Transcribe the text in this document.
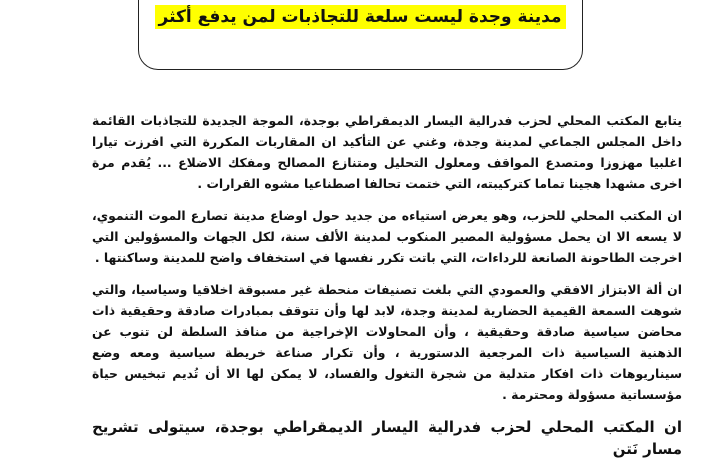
مدينة وجدة ليست سلعة للتجاذبات لمن يدفع أكثر

يتابع المكتب المحلي لحزب فدرالية اليسار الديمقراطي بوجدة، الموجة الجديدة للتجاذبات القائمة داخل المجلس الجماعي لمدينة وجدة، وغني عن التأكيد ان المقاربات المكررة التي افرزت تيارا اغلبيا مهزوزا ومتصدع المواقف ومعلول التحليل ومتنازع المصالح ومفكك الاضلاع ... يُقدم مرة اخرى مشهدا هجينا تماما كتركيبته، التي ختمت تحالفا اصطناعيا مشوه القرارات .

ان المكتب المحلي للحزب، وهو يعرض استياءه من جديد حول اوضاع مدينة تصارع الموت التنموي، لا يسعه الا ان يحمل مسؤولية المصير المنكوب لمدينة الألف سنة، لكل الجهات والمسؤولين التي اخرجت الطاحونة الصانعة للرداءات، التي باتت تكرر نفسها في استخفاف واضح للمدينة وساكنتها .

ان ألة الابتزاز الافقي والعمودي التي بلغت تصنيفات منحطة غير مسبوقة اخلاقيا وسياسيا، والتي شوهت السمعة القيمية الحضارية لمدينة وجدة، لابد لها وأن تتوقف بمبادرات صادقة وحقيقية ذات محاضن سياسية صادقة وحقيقية ، وأن المحاولات الإخراجية من منافذ السلطة لن تنوب عن الذهنية السياسية ذات المرجعية الدستورية ، وأن تكرار صناعة خريطة سياسية ومعه وضع سيناريوهات ذات افكار متدلية من شجرة التغول والفساد، لا يمكن لها الا أن تُديم تبخيس حياة مؤسساتية مسؤولة ومحترمة .

ان المكتب المحلي لحزب فدرالية اليسار الديمقراطي بوجدة، سيتولى تشريح مسار نَتن
